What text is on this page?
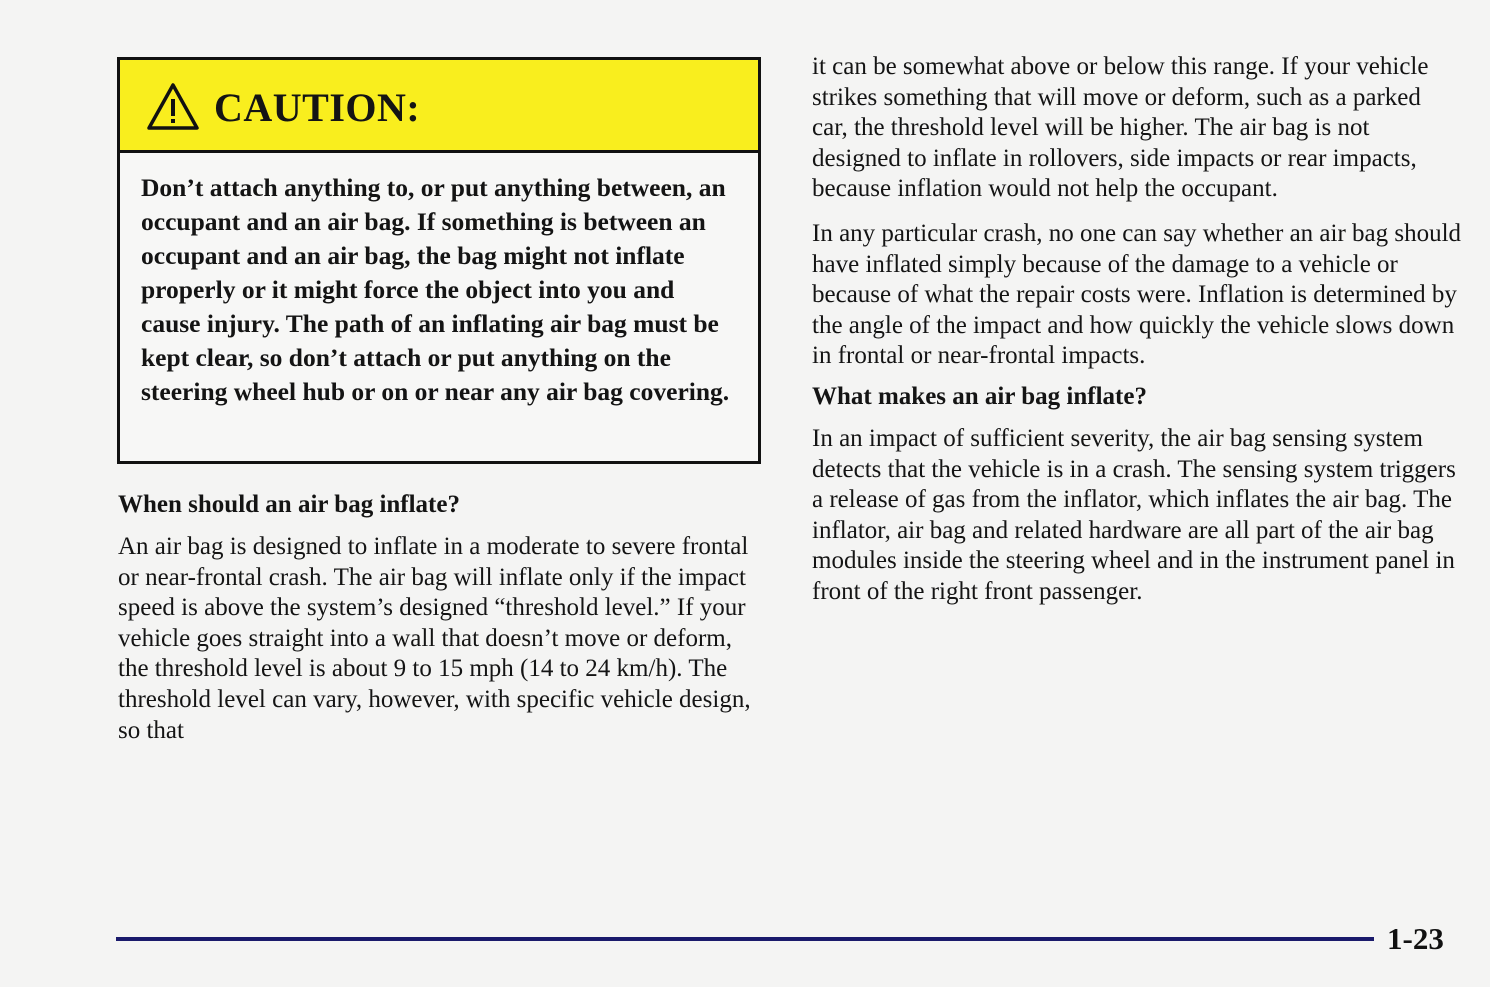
CAUTION:
Don’t attach anything to, or put anything between, an occupant and an air bag. If something is between an occupant and an air bag, the bag might not inflate properly or it might force the object into you and cause injury. The path of an inflating air bag must be kept clear, so don’t attach or put anything on the steering wheel hub or on or near any air bag covering.
When should an air bag inflate?

An air bag is designed to inflate in a moderate to severe frontal or near-frontal crash. The air bag will inflate only if the impact speed is above the system’s designed “threshold level.” If your vehicle goes straight into a wall that doesn’t move or deform, the threshold level is about 9 to 15 mph (14 to 24 km/h). The threshold level can vary, however, with specific vehicle design, so that

it can be somewhat above or below this range. If your vehicle strikes something that will move or deform, such as a parked car, the threshold level will be higher. The air bag is not designed to inflate in rollovers, side impacts or rear impacts, because inflation would not help the occupant.

In any particular crash, no one can say whether an air bag should have inflated simply because of the damage to a vehicle or because of what the repair costs were. Inflation is determined by the angle of the impact and how quickly the vehicle slows down in frontal or near-frontal impacts.

What makes an air bag inflate?

In an impact of sufficient severity, the air bag sensing system detects that the vehicle is in a crash. The sensing system triggers a release of gas from the inflator, which inflates the air bag. The inflator, air bag and related hardware are all part of the air bag modules inside the steering wheel and in the instrument panel in front of the right front passenger.

1-23
